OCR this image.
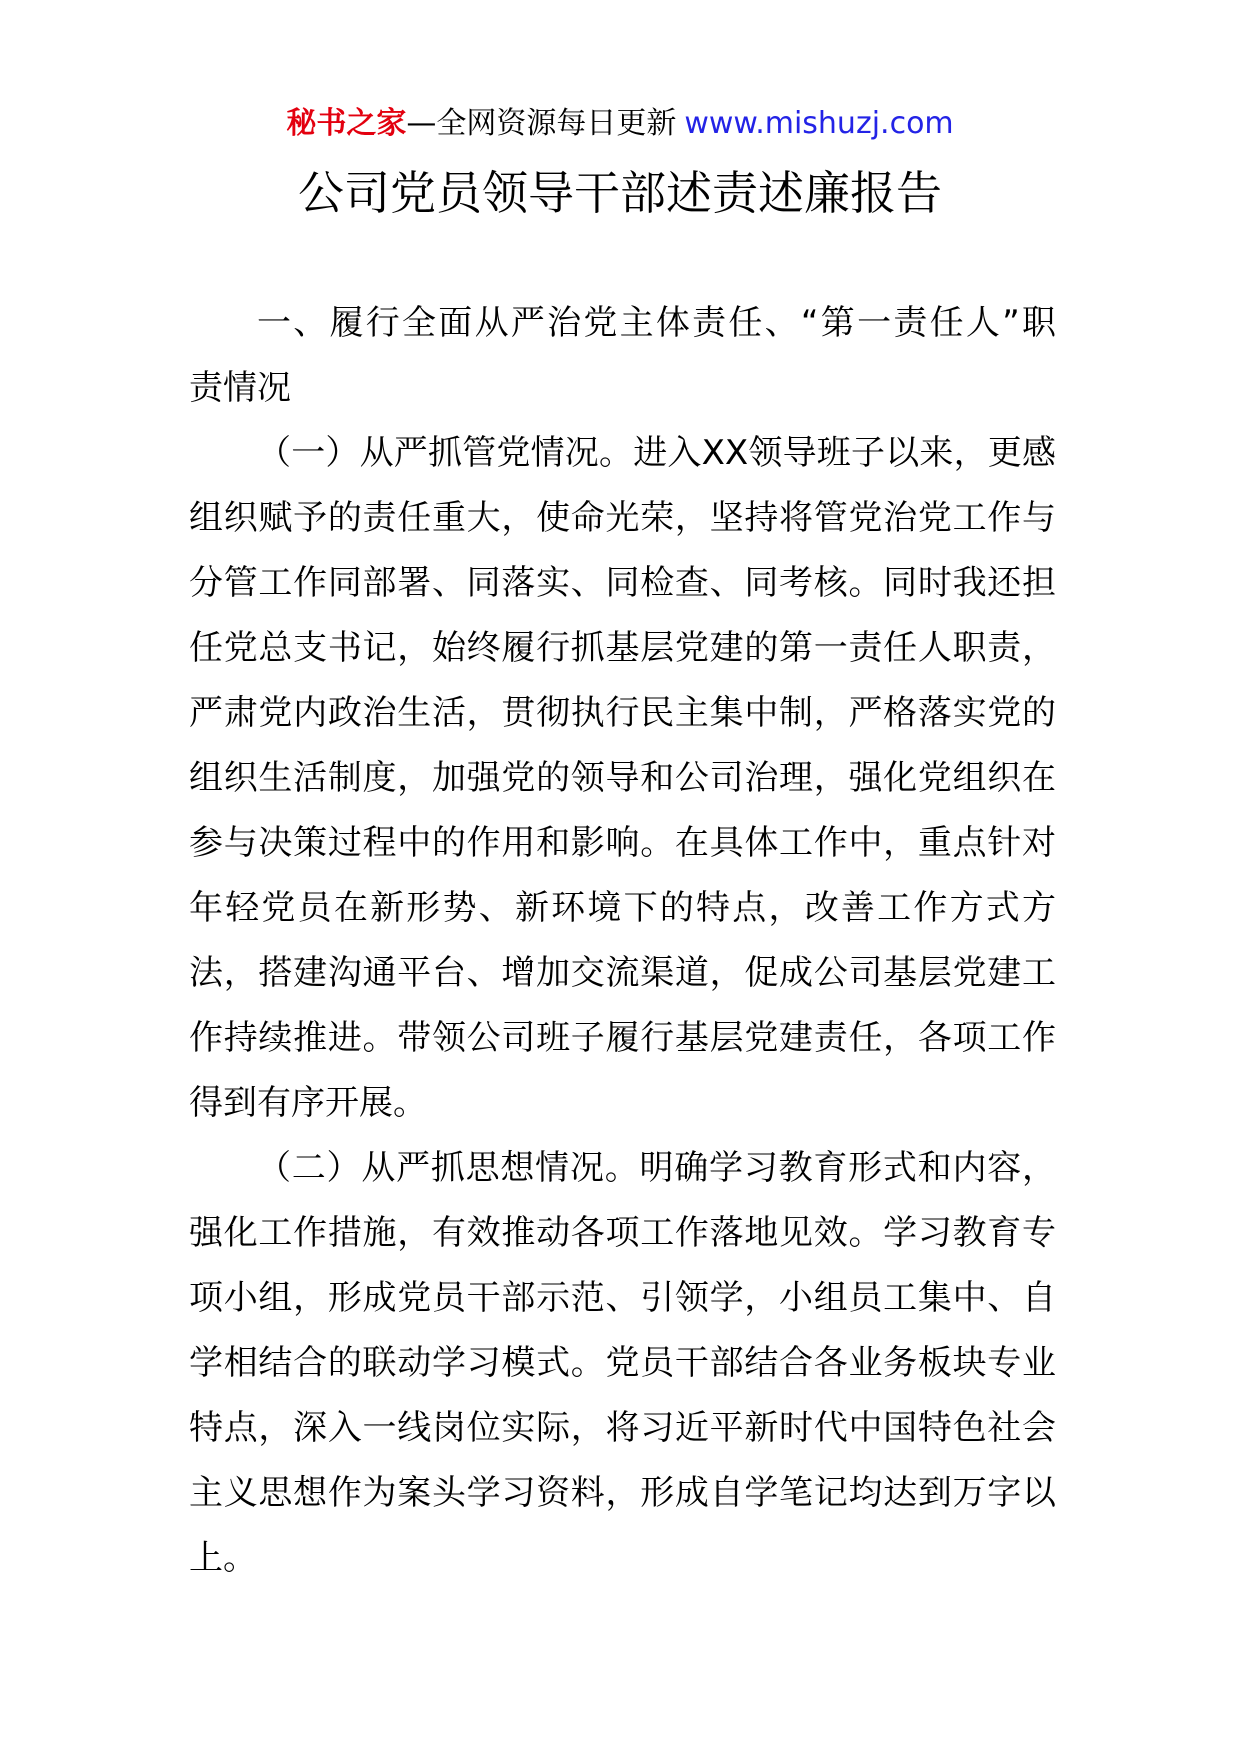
秘书之家—全网资源每日更新 www.mishuzj.com
公司党员领导干部述责述廉报告
一、履行全面从严治党主体责任、“第一责任人”职
责情况
（一）从严抓管党情况。进入XX领导班子以来，更感
组织赋予的责任重大，使命光荣，坚持将管党治党工作与
分管工作同部署、同落实、同检查、同考核。同时我还担
任党总支书记，始终履行抓基层党建的第一责任人职责，
严肃党内政治生活，贯彻执行民主集中制，严格落实党的
组织生活制度，加强党的领导和公司治理，强化党组织在
参与决策过程中的作用和影响。在具体工作中，重点针对
年轻党员在新形势、新环境下的特点，改善工作方式方
法，搭建沟通平台、增加交流渠道，促成公司基层党建工
作持续推进。带领公司班子履行基层党建责任，各项工作
得到有序开展。
（二）从严抓思想情况。明确学习教育形式和内容，
强化工作措施，有效推动各项工作落地见效。学习教育专
项小组，形成党员干部示范、引领学，小组员工集中、自
学相结合的联动学习模式。党员干部结合各业务板块专业
特点，深入一线岗位实际，将习近平新时代中国特色社会
主义思想作为案头学习资料，形成自学笔记均达到万字以
上。
